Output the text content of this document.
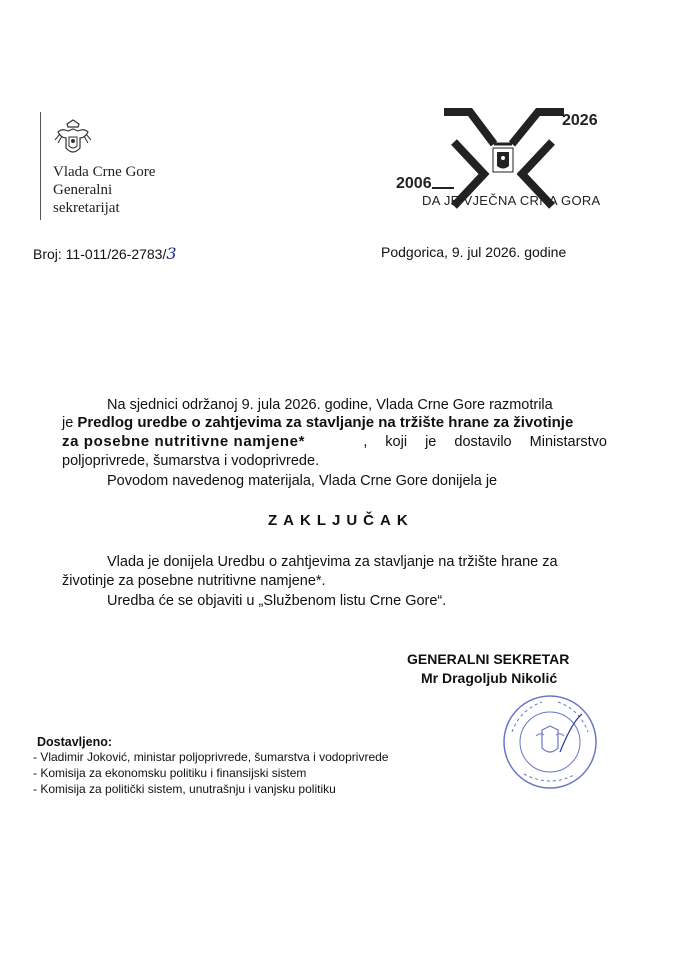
Vlada Crne Gore
Generalni
sekretarijat
2026
2006
DA JE VJEČNA CRNA GORA
Broj: 11-011/26-2783/3	Podgorica, 9. jul 2026. godine
Na sjednici održanoj 9. jula 2026. godine, Vlada Crne Gore razmotrila
je Predlog uredbe o zahtjevima za stavljanje na tržište hrane za životinje
za posebne nutritivne namjene*	, koji je dostavilo Ministarstvo
poljoprivrede, šumarstva i vodoprivrede.
Povodom navedenog materijala, Vlada Crne Gore donijela je
ZAKLJUČAK
Vlada je donijela Uredbu o zahtjevima za stavljanje na tržište hrane za
životinje za posebne nutritivne namjene*.
Uredba će se objaviti u „Službenom listu Crne Gore“.
GENERALNI SEKRETAR
Mr Dragoljub Nikolić
Dostavljeno:
- Vladimir Joković, ministar poljoprivrede, šumarstva i vodoprivrede
- Komisija za ekonomsku politiku i finansijski sistem
- Komisija za politički sistem, unutrašnju i vanjsku politiku
